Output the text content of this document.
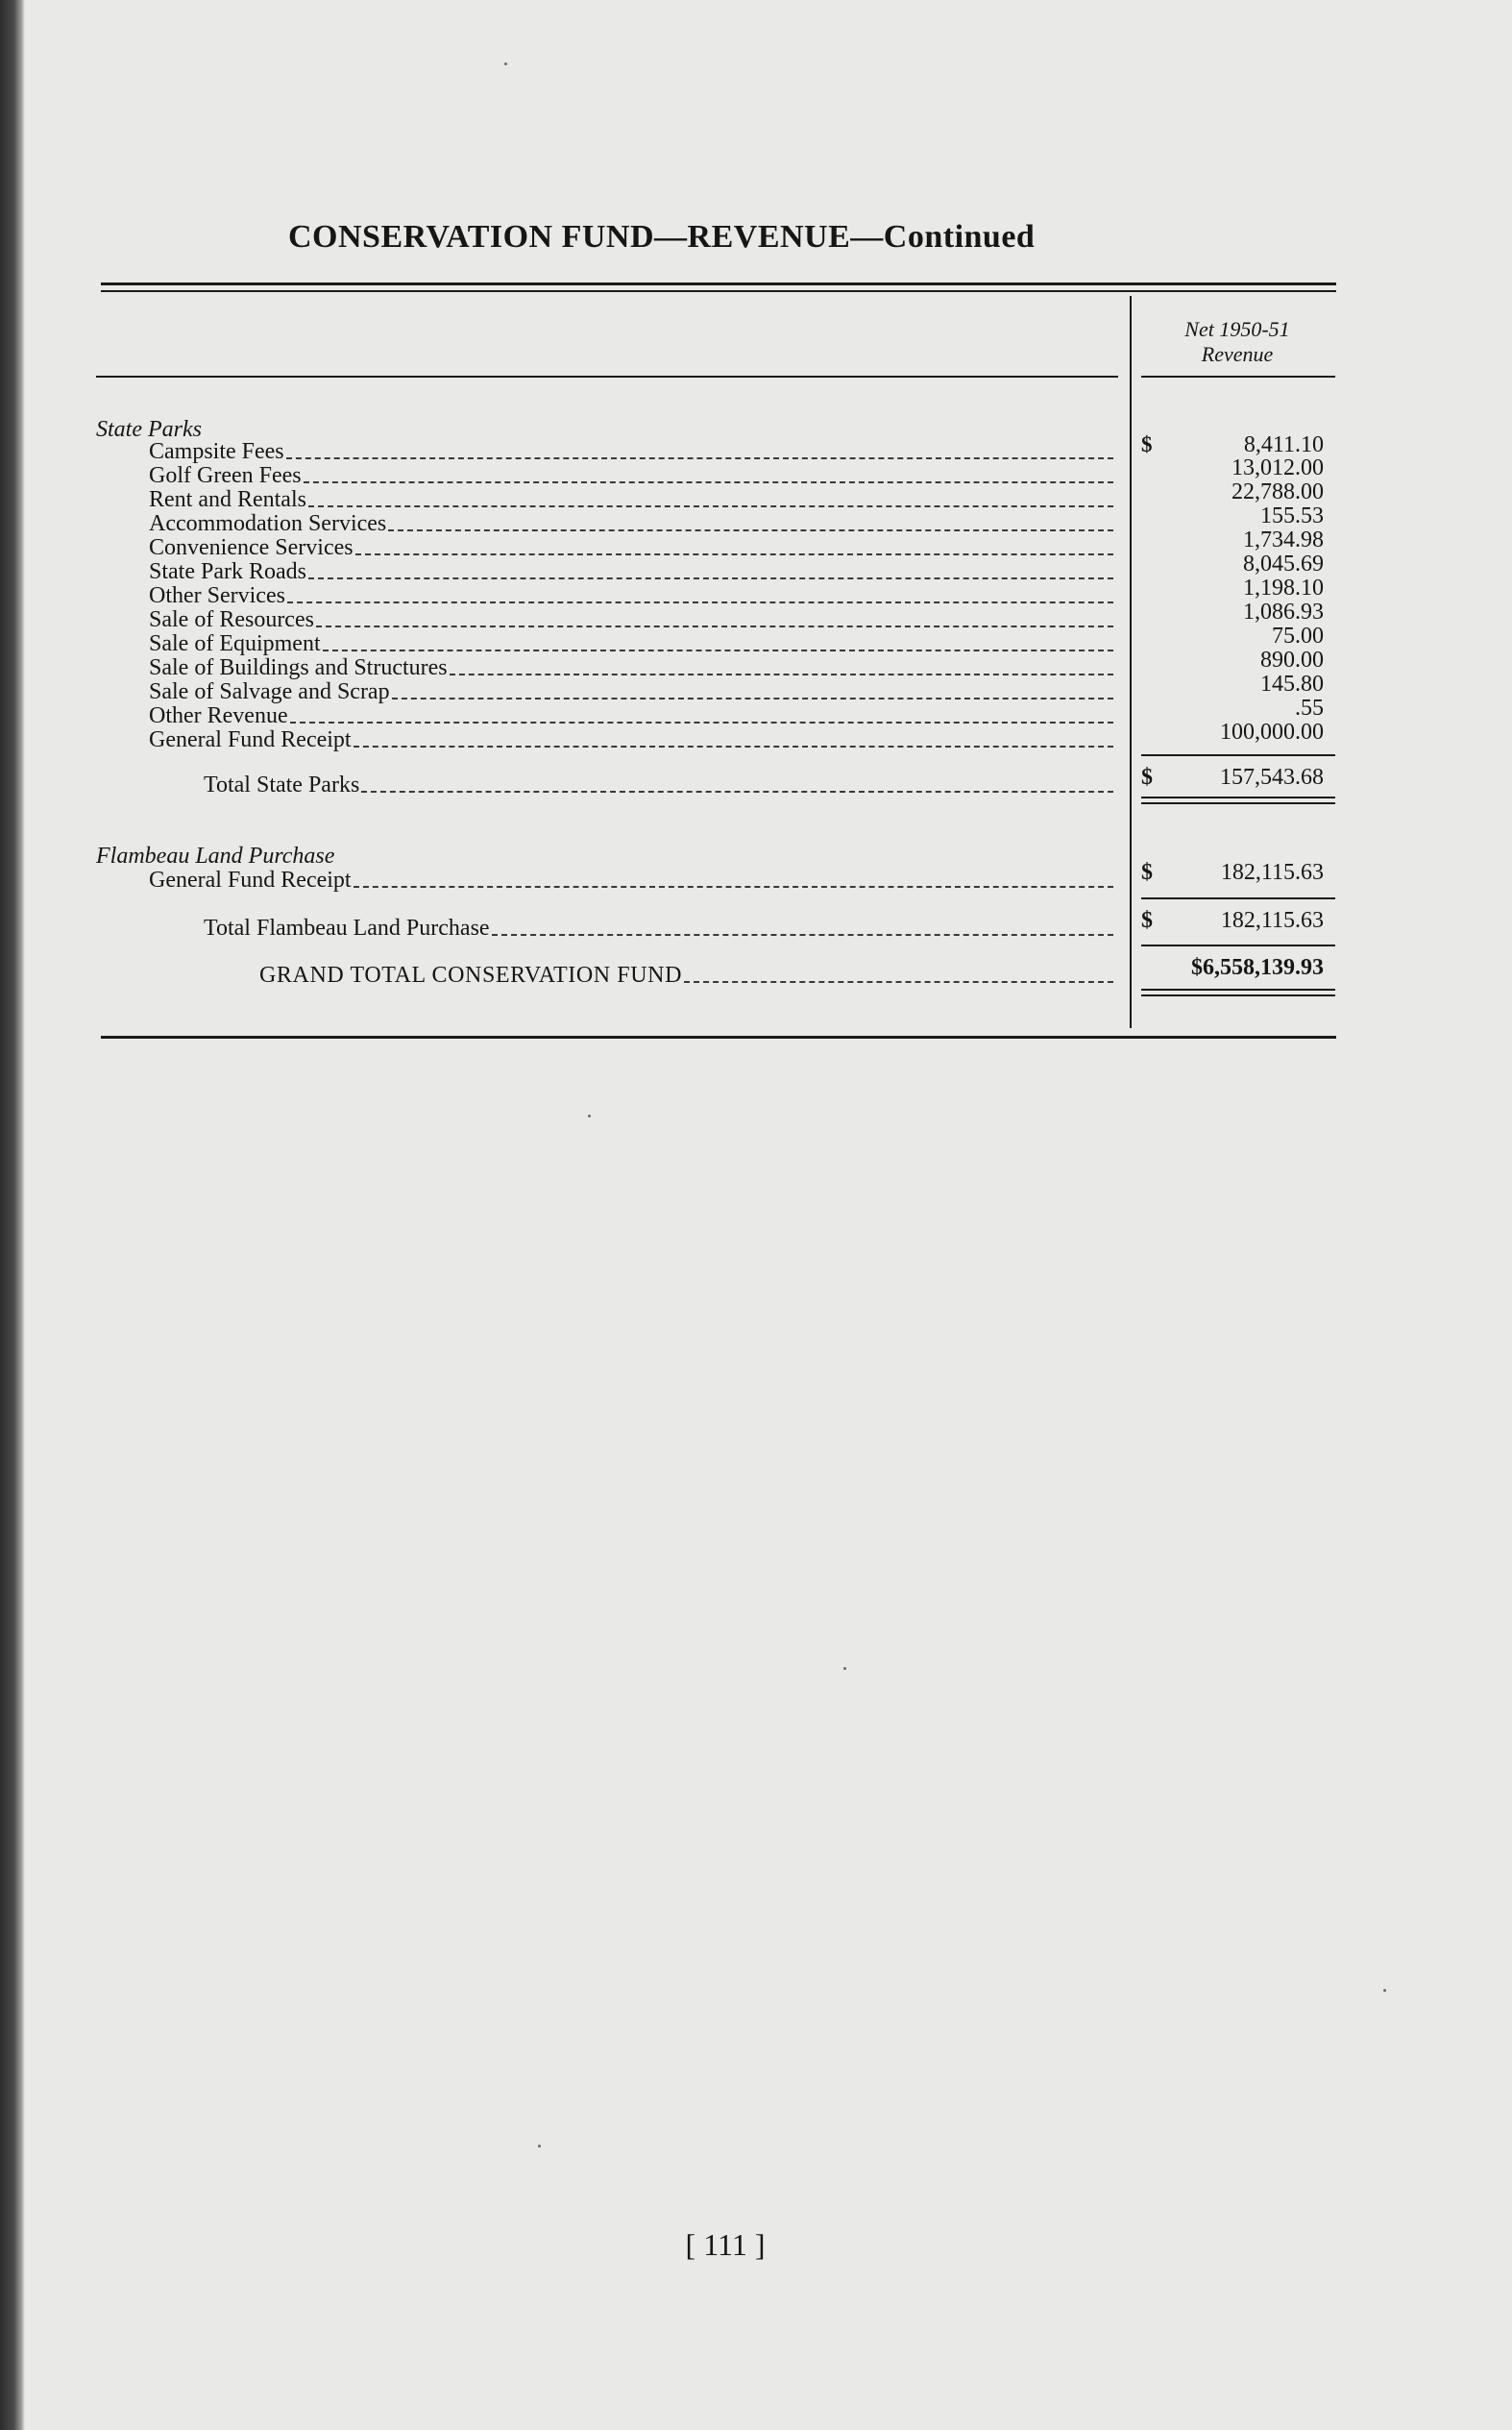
CONSERVATION FUND—REVENUE—Continued
Net 1950-51
Revenue
State Parks
Campsite Fees	$	8,411.10
Golf Green Fees	13,012.00
Rent and Rentals	22,788.00
Accommodation Services	155.53
Convenience Services	1,734.98
State Park Roads	8,045.69
Other Services	1,198.10
Sale of Resources	1,086.93
Sale of Equipment	75.00
Sale of Buildings and Structures	890.00
Sale of Salvage and Scrap	145.80
Other Revenue	.55
General Fund Receipt	100,000.00
Total State Parks	$	157,543.68
Flambeau Land Purchase
General Fund Receipt	$	182,115.63
Total Flambeau Land Purchase	$	182,115.63
GRAND TOTAL CONSERVATION FUND	$6,558,139.93
[ 111 ]
